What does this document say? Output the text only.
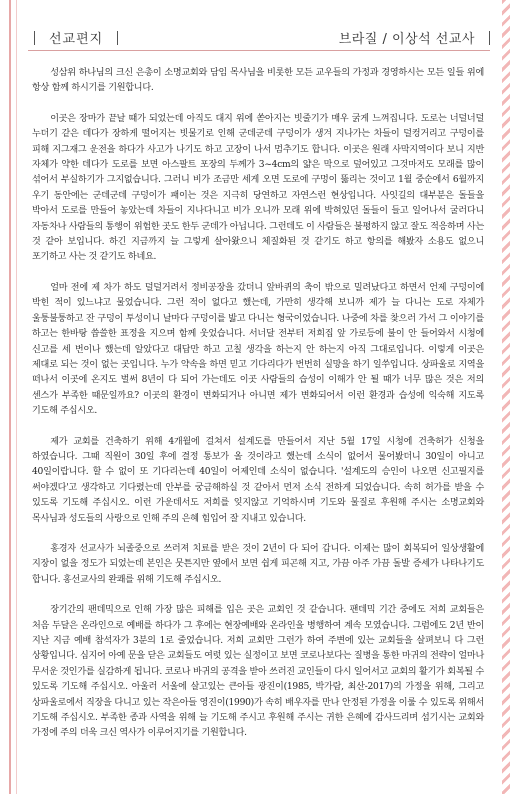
선교편지	브라질 / 이상석 선교사

성삼위 하나님의 크신 은총이 소명교회와 담임 목사님을 비롯한 모든 교우들의 가정과 경영하시는 모든 일들 위에 항상 함께 하시기를 기원합니다.

이곳은 장마가 끝날 때가 되었는데 아직도 대지 위에 쏟아지는 빗줄기가 매우 굵게 느껴집니다. 도로는 너덜너덜 누더기 같은 데다가 장하게 떨어지는 빗물기로 인해 군데군데 구덩이가 생겨 지나가는 차들이 덜컹거리고 구덩이를 피해 지그재그 운전을 하다가 사고가 나기도 하고 고장이 나서 멈추기도 합니다. 이곳은 원래 사막지역이다 보니 지반 자체가 약한 데다가 도로를 보면 아스팔트 포장의 두께가 3~4cm의 얇은 막으로 덮어있고 그것마저도 모래를 많이 섞어서 부실하기가 그지없습니다. 그러니 비가 조금만 세게 오면 도로에 구멍이 뚫리는 것이고 1월 중순에서 6월까지 우기 동안에는 군데군데 구덩이가 패이는 것은 지극히 당연하고 자연스런 현상입니다. 사잇길의 대부분은 돌들을 박아서 도로를 만들어 놓았는데 차들이 지나다니고 비가 오니까 모래 위에 박혀있던 돌들이 들고 일어나서 굴러다니 자동차나 사람들의 통행이 위험한 곳도 한두 군데가 아닙니다. 그런데도 이 사람들은 불평하지 않고 잘도 적응하며 사는 것 같아 보입니다. 하긴 지금까지 늘 그렇게 살아왔으니 체질화된 것 같기도 하고 항의를 해봤자 소용도 없으니 포기하고 사는 것 같기도 하네요.

얼마 전에 제 차가 하도 덜덜거려서 정비공장을 갔더니 앞바퀴의 축이 밖으로 밀려났다고 하면서 언제 구덩이에 박힌 적이 있느냐고 물었습니다. 그런 적이 없다고 했는데, 가만히 생각해 보니까 제가 늘 다니는 도로 자체가 울퉁불퉁하고 잔 구덩이 투성이니 날마다 구덩이를 밟고 다니는 형국이었습니다. 나중에 차를 찾으러 가서 그 이야기를 하고는 한바탕 씁쓸한 표정을 지으며 함께 웃었습니다. 서너달 전부터 저희집 앞 가로등에 불이 안 들어와서 시청에 신고를 세 번이나 했는데 알았다고 대답만 하고 고칠 생각을 하는지 안 하는지 아직 그대로입니다. 이렇게 이곳은 제대로 되는 것이 없는 곳입니다. 누가 약속을 하면 믿고 기다리다가 번번히 실망을 하기 일쑤입니다. 상파울로 지역을 떠나서 이곳에 온지도 벌써 8년이 다 되어 가는데도 이곳 사람들의 습성이 이해가 안 될 때가 너무 많은 것은 저의 센스가 부족한 때문일까요? 이곳의 환경이 변화되거나 아니면 제가 변화되어서 이런 환경과 습성에 익숙해 지도록 기도해 주십시오.

제가 교회를 건축하기 위해 4개월에 걸쳐서 설계도를 만들어서 지난 5월 17일 시청에 건축허가 신청을 하였습니다. 그때 직원이 30일 후에 결정 통보가 올 것이라고 했는데 소식이 없어서 물어봤더니 30일이 아니고 40일이랍니다. 할 수 없이 또 기다리는데 40일이 어제인데 소식이 없습니다. '설계도의 승인이 나오면 신고필지를 써야겠다'고 생각하고 기다렸는데 안부를 궁금해하실 것 같아서 먼저 소식 전하게 되었습니다. 속히 허가를 받을 수 있도록 기도해 주십시오. 이런 가운데서도 저희를 잊지않고 기억하시며 기도와 물질로 후원해 주시는 소명교회와 목사님과 성도들의 사랑으로 인해 주의 은혜 힘입어 잘 지내고 있습니다.

홍경자 선교사가 뇌졸중으로 쓰러져 치료를 받은 것이 2년이 다 되어 갑니다. 이제는 많이 회복되어 일상생활에 지장이 없을 정도가 되었는데 본인은 뭇튼지만 옆에서 보면 쉽게 피곤해 지고, 가끔 아주 가끔 돌발 증세가 나타나기도 합니다. 홍선교사의 완쾌를 위해 기도해 주십시오.

장기간의 팬데믹으로 인해 가장 많은 피해를 입은 곳은 교회인 것 같습니다. 팬데믹 기간 중에도 저희 교회들은 처음 두달은 온라인으로 예배를 하다가 그 후에는 현장예배와 온라인을 병행하여 계속 모였습니다. 그럼에도 2년 반이 지난 지금 예배 참석자가 3분의 1로 줄었습니다. 저희 교회만 그런가 하여 주변에 있는 교회들을 살펴보니 다 그런 상황입니다. 심지어 아예 문을 닫은 교회들도 여럿 있는 실정이고 보면 코로나보다는 질병을 통한 마귀의 전략이 얼마나 무서운 것인가를 실감하게 됩니다. 코로나 바귀의 공격을 받아 쓰러진 교인들이 다시 일어서고 교회의 활기가 회복될 수 있도록 기도해 주십시오. 아울러 서울에 살고있는 큰아들 광진이(1985, 박가람, 최산-2017)의 가정을 위해, 그리고 상파울로에서 직장을 다니고 있는 작은아들 영진이(1990)가 속히 배우자를 만나 안정된 가정을 이룰 수 있도록 위해서 기도해 주십시오. 부족한 종과 사역을 위해 늘 기도해 주시고 후원해 주시는 귀한 은혜에 감사드리며 섬기시는 교회와 가정에 주의 더욱 크신 역사가 이루어지기를 기원합니다.
